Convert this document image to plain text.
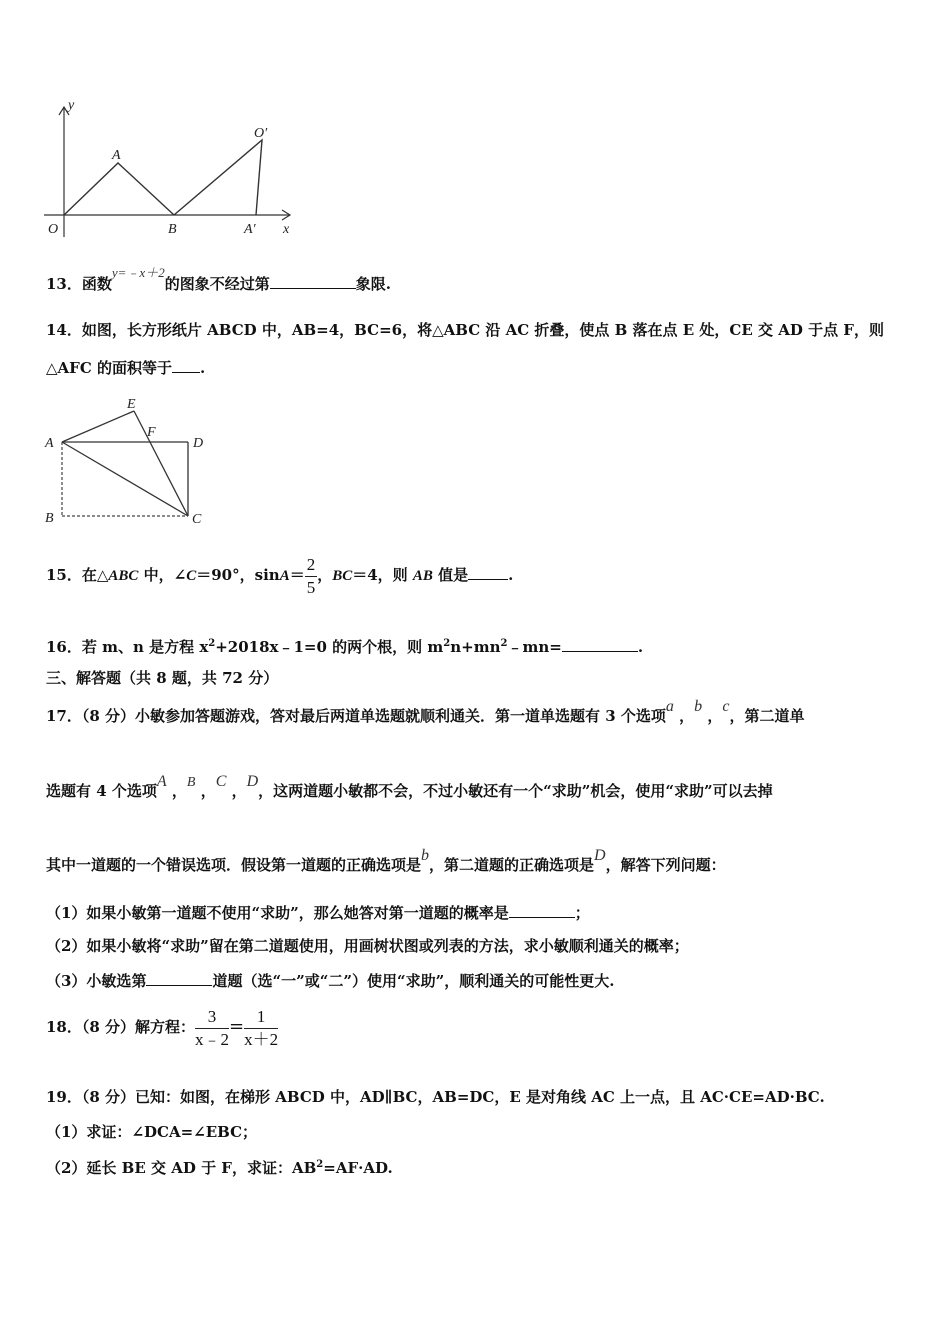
y
x
O
A
B
O′
A′
13．函数y=﹣x＋2的图象不经过第	象限.
14．如图，长方形纸片 ABCD 中，AB=4，BC=6，将△ABC 沿 AC 折叠，使点 B 落在点 E 处，CE 交 AD 于点 F，则
△AFC 的面积等于 .
A
B	C
D
E
F
15．在△ABC 中，∠C＝90°，$\sin A= \frac{2}{5}$ ，BC＝4，则 AB 值是	.
16．若 m、n 是方程 $x^2+2018x﹣1=0$ 的两个根，则 $m^2n+mn^2﹣mn=$	.
三、解答题（共 8 题，共 72 分）
17．（8 分）小敏参加答题游戏，答对最后两道单选题就顺利通关．第一道单选题有 3 个选项a ，b ，c，第二道单
选题有 4 个选项A ，B ，C ，D，这两道题小敏都不会，不过小敏还有一个“求助”机会，使用“求助”可以去掉
其中一道题的一个错误选项．假设第一道题的正确选项是b，第二道题的正确选项是D，解答下列问题：
（1）如果小敏第一道题不使用“求助”，那么她答对第一道题的概率是	；
（2）如果小敏将“求助”留在第二道题使用，用画树状图或列表的方法，求小敏顺利通关的概率；
（3）小敏选第	道题（选“一”或“二”）使用“求助”，顺利通关的可能性更大.
18．（8 分）解方程： $\frac{3}{x﹣2} = \frac{1}{x+2}$
19．（8 分）已知：如图，在梯形 ABCD 中，AD∥BC，AB=DC，E 是对角线 AC 上一点，且 AC·CE=AD·BC.
（1）求证：∠DCA=∠EBC；
（2）延长 BE 交 AD 于 F，求证：$AB^2=AF\cdot AD$.
